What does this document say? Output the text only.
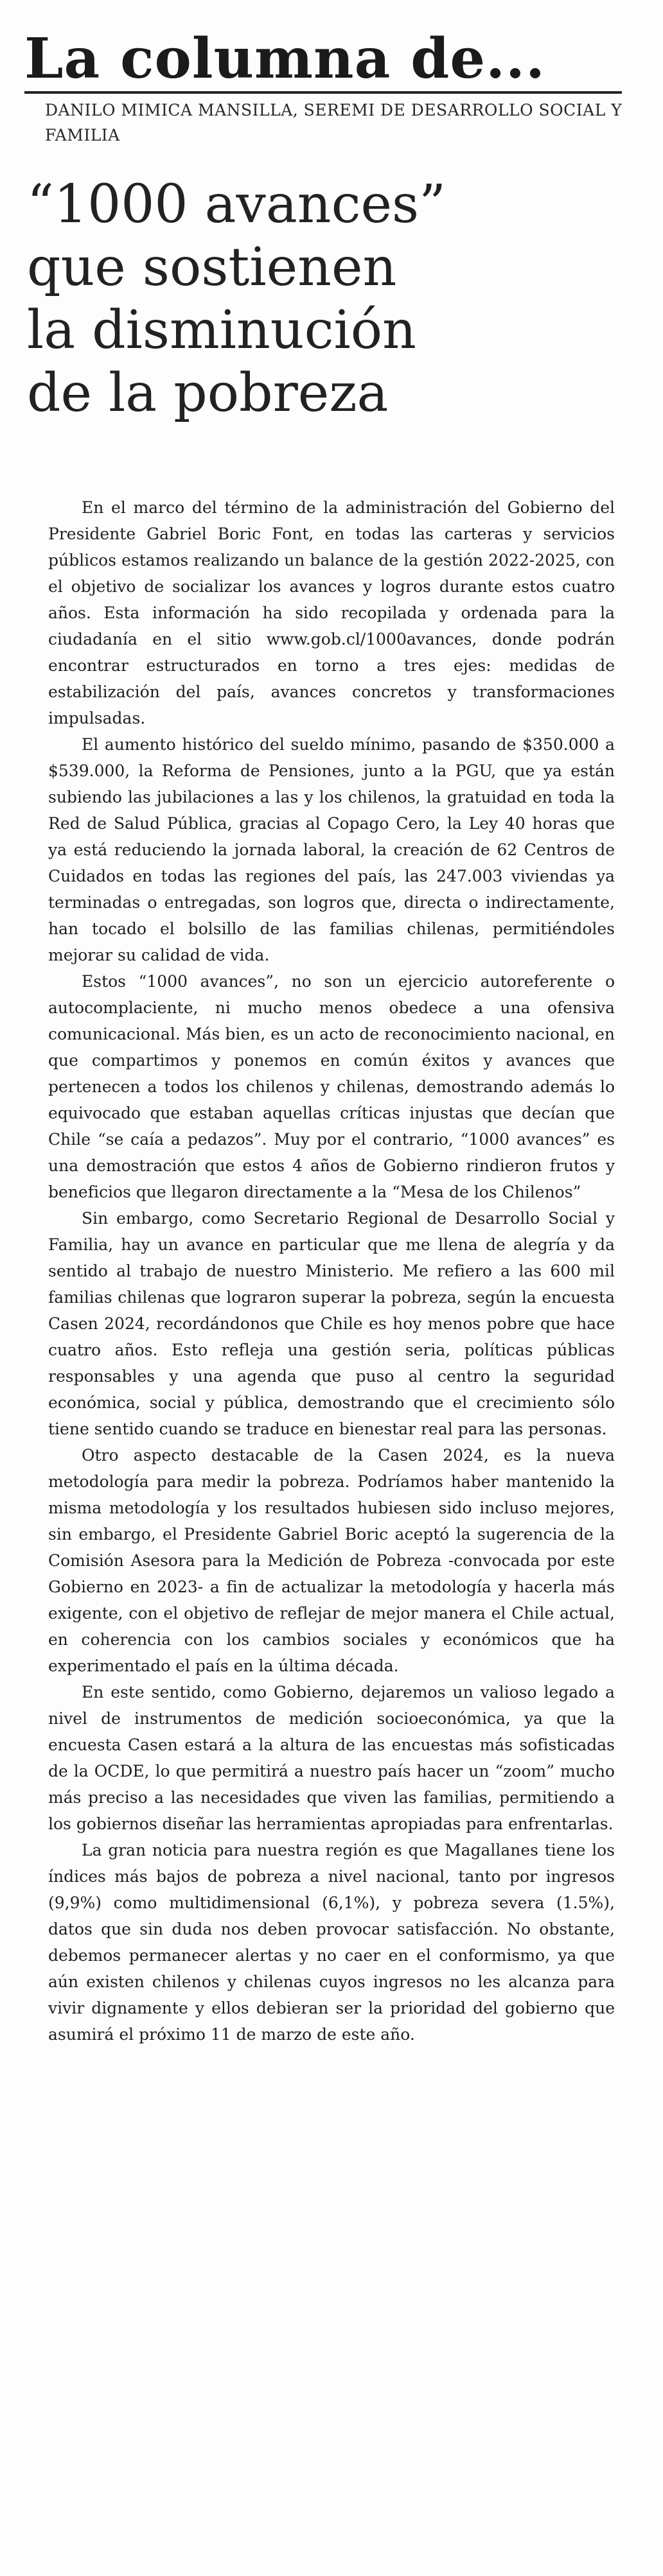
La columna de...

DANILO MIMICA MANSILLA, SEREMI DE DESARROLLO SOCIAL Y FAMILIA

“1000 avances”
que sostienen
la disminución
de la pobreza

En el marco del término de la administración del Gobierno del Presidente Gabriel Boric Font, en todas las carteras y servicios públicos estamos realizando un balance de la gestión 2022-2025, con el objetivo de socializar los avances y logros durante estos cuatro años. Esta información ha sido recopilada y ordenada para la ciudadanía en el sitio www.gob.cl/1000avances, donde podrán encontrar estructurados en torno a tres ejes: medidas de estabilización del país, avances concretos y transformaciones impulsadas.

El aumento histórico del sueldo mínimo, pasando de $350.000 a $539.000, la Reforma de Pensiones, junto a la PGU, que ya están subiendo las jubilaciones a las y los chilenos, la gratuidad en toda la Red de Salud Pública, gracias al Copago Cero, la Ley 40 horas que ya está reduciendo la jornada laboral, la creación de 62 Centros de Cuidados en todas las regiones del país, las 247.003 viviendas ya terminadas o entregadas, son logros que, directa o indirectamente, han tocado el bolsillo de las familias chilenas, permitiéndoles mejorar su calidad de vida.

Estos “1000 avances”, no son un ejercicio autoreferente o autocomplaciente, ni mucho menos obedece a una ofensiva comunicacional. Más bien, es un acto de reconocimiento nacional, en que compartimos y ponemos en común éxitos y avances que pertenecen a todos los chilenos y chilenas, demostrando además lo equivocado que estaban aquellas críticas injustas que decían que Chile “se caía a pedazos”. Muy por el contrario, “1000 avances” es una demostración que estos 4 años de Gobierno rindieron frutos y beneficios que llegaron directamente a la “Mesa de los Chilenos”

Sin embargo, como Secretario Regional de Desarrollo Social y Familia, hay un avance en particular que me llena de alegría y da sentido al trabajo de nuestro Ministerio. Me refiero a las 600 mil familias chilenas que lograron superar la pobreza, según la encuesta Casen 2024, recordándonos que Chile es hoy menos pobre que hace cuatro años. Esto refleja una gestión seria, políticas públicas responsables y una agenda que puso al centro la seguridad económica, social y pública, demostrando que el crecimiento sólo tiene sentido cuando se traduce en bienestar real para las personas.

Otro aspecto destacable de la Casen 2024, es la nueva metodología para medir la pobreza. Podríamos haber mantenido la misma metodología y los resultados hubiesen sido incluso mejores, sin embargo, el Presidente Gabriel Boric aceptó la sugerencia de la Comisión Asesora para la Medición de Pobreza -convocada por este Gobierno en 2023- a fin de actualizar la metodología y hacerla más exigente, con el objetivo de reflejar de mejor manera el Chile actual, en coherencia con los cambios sociales y económicos que ha experimentado el país en la última década.

En este sentido, como Gobierno, dejaremos un valioso legado a nivel de instrumentos de medición socioeconómica, ya que la encuesta Casen estará a la altura de las encuestas más sofisticadas de la OCDE, lo que permitirá a nuestro país hacer un “zoom” mucho más preciso a las necesidades que viven las familias, permitiendo a los gobiernos diseñar las herramientas apropiadas para enfrentarlas.

La gran noticia para nuestra región es que Magallanes tiene los índices más bajos de pobreza a nivel nacional, tanto por ingresos (9,9%) como multidimensional (6,1%), y pobreza severa (1.5%), datos que sin duda nos deben provocar satisfacción. No obstante, debemos permanecer alertas y no caer en el conformismo, ya que aún existen chilenos y chilenas cuyos ingresos no les alcanza para vivir dignamente y ellos debieran ser la prioridad del gobierno que asumirá el próximo 11 de marzo de este año.
